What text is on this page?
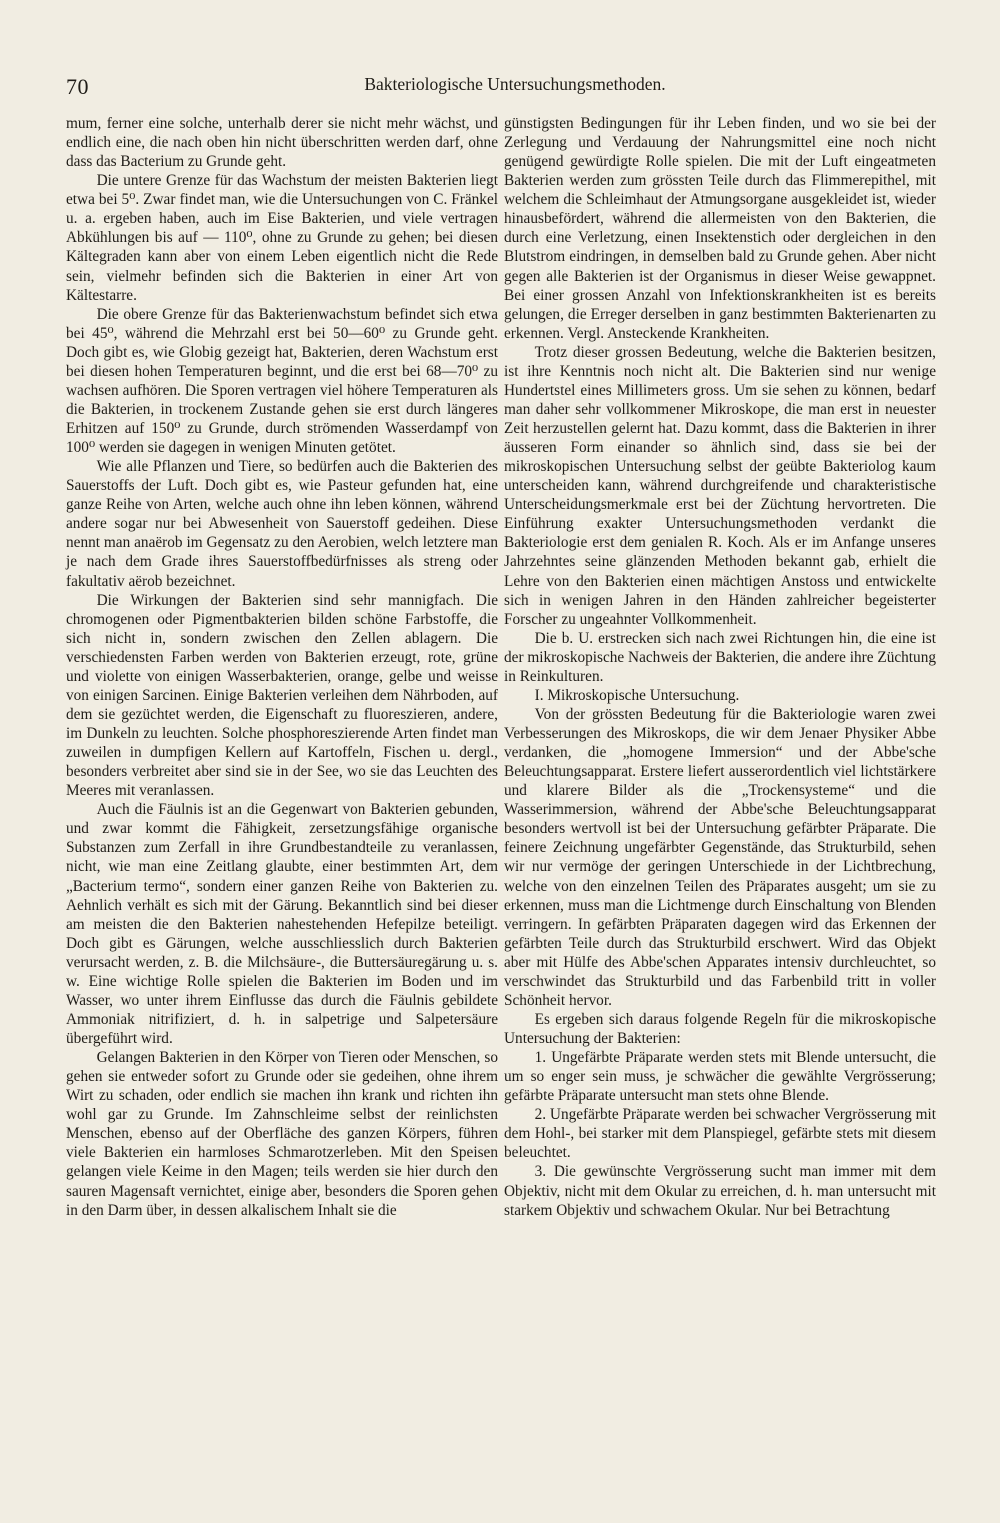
70	Bakteriologische Untersuchungsmethoden.

mum, ferner eine solche, unterhalb derer sie nicht mehr wächst, und endlich eine, die nach oben hin nicht überschritten werden darf, ohne dass das Bacterium zu Grunde geht.

Die untere Grenze für das Wachstum der meisten Bakterien liegt etwa bei 5⁰. Zwar findet man, wie die Untersuchungen von C. Fränkel u. a. ergeben haben, auch im Eise Bakterien, und viele vertragen Abkühlungen bis auf — 110⁰, ohne zu Grunde zu gehen; bei diesen Kältegraden kann aber von einem Leben eigentlich nicht die Rede sein, vielmehr befinden sich die Bakterien in einer Art von Kältestarre.

Die obere Grenze für das Bakterienwachstum befindet sich etwa bei 45⁰, während die Mehrzahl erst bei 50—60⁰ zu Grunde geht. Doch gibt es, wie Globig gezeigt hat, Bakterien, deren Wachstum erst bei diesen hohen Temperaturen beginnt, und die erst bei 68—70⁰ zu wachsen aufhören. Die Sporen vertragen viel höhere Temperaturen als die Bakterien, in trockenem Zustande gehen sie erst durch längeres Erhitzen auf 150⁰ zu Grunde, durch strömenden Wasserdampf von 100⁰ werden sie dagegen in wenigen Minuten getötet.

Wie alle Pflanzen und Tiere, so bedürfen auch die Bakterien des Sauerstoffs der Luft. Doch gibt es, wie Pasteur gefunden hat, eine ganze Reihe von Arten, welche auch ohne ihn leben können, während andere sogar nur bei Abwesenheit von Sauerstoff gedeihen. Diese nennt man anaërob im Gegensatz zu den Aerobien, welch letztere man je nach dem Grade ihres Sauerstoffbedürfnisses als streng oder fakultativ aërob bezeichnet.

Die Wirkungen der Bakterien sind sehr mannigfach. Die chromogenen oder Pigmentbakterien bilden schöne Farbstoffe, die sich nicht in, sondern zwischen den Zellen ablagern. Die verschiedensten Farben werden von Bakterien erzeugt, rote, grüne und violette von einigen Wasserbakterien, orange, gelbe und weisse von einigen Sarcinen. Einige Bakterien verleihen dem Nährboden, auf dem sie gezüchtet werden, die Eigenschaft zu fluoreszieren, andere, im Dunkeln zu leuchten. Solche phosphoreszierende Arten findet man zuweilen in dumpfigen Kellern auf Kartoffeln, Fischen u. dergl., besonders verbreitet aber sind sie in der See, wo sie das Leuchten des Meeres mit veranlassen.

Auch die Fäulnis ist an die Gegenwart von Bakterien gebunden, und zwar kommt die Fähigkeit, zersetzungsfähige organische Substanzen zum Zerfall in ihre Grundbestandteile zu veranlassen, nicht, wie man eine Zeitlang glaubte, einer bestimmten Art, dem „Bacterium termo“, sondern einer ganzen Reihe von Bakterien zu. Aehnlich verhält es sich mit der Gärung. Bekanntlich sind bei dieser am meisten die den Bakterien nahestehenden Hefepilze beteiligt. Doch gibt es Gärungen, welche ausschliesslich durch Bakterien verursacht werden, z. B. die Milchsäure-, die Buttersäuregärung u. s. w. Eine wichtige Rolle spielen die Bakterien im Boden und im Wasser, wo unter ihrem Einflusse das durch die Fäulnis gebildete Ammoniak nitrifiziert, d. h. in salpetrige und Salpetersäure übergeführt wird.

Gelangen Bakterien in den Körper von Tieren oder Menschen, so gehen sie entweder sofort zu Grunde oder sie gedeihen, ohne ihrem Wirt zu schaden, oder endlich sie machen ihn krank und richten ihn wohl gar zu Grunde. Im Zahnschleime selbst der reinlichsten Menschen, ebenso auf der Oberfläche des ganzen Körpers, führen viele Bakterien ein harmloses Schmarotzerleben. Mit den Speisen gelangen viele Keime in den Magen; teils werden sie hier durch den sauren Magensaft vernichtet, einige aber, besonders die Sporen gehen in den Darm über, in dessen alkalischem Inhalt sie die

günstigsten Bedingungen für ihr Leben finden, und wo sie bei der Zerlegung und Verdauung der Nahrungsmittel eine noch nicht genügend gewürdigte Rolle spielen. Die mit der Luft eingeatmeten Bakterien werden zum grössten Teile durch das Flimmerepithel, mit welchem die Schleimhaut der Atmungsorgane ausgekleidet ist, wieder hinausbefördert, während die allermeisten von den Bakterien, die durch eine Verletzung, einen Insektenstich oder dergleichen in den Blutstrom eindringen, in demselben bald zu Grunde gehen. Aber nicht gegen alle Bakterien ist der Organismus in dieser Weise gewappnet. Bei einer grossen Anzahl von Infektionskrankheiten ist es bereits gelungen, die Erreger derselben in ganz bestimmten Bakterienarten zu erkennen. Vergl. Ansteckende Krankheiten.

Trotz dieser grossen Bedeutung, welche die Bakterien besitzen, ist ihre Kenntnis noch nicht alt. Die Bakterien sind nur wenige Hundertstel eines Millimeters gross. Um sie sehen zu können, bedarf man daher sehr vollkommener Mikroskope, die man erst in neuester Zeit herzustellen gelernt hat. Dazu kommt, dass die Bakterien in ihrer äusseren Form einander so ähnlich sind, dass sie bei der mikroskopischen Untersuchung selbst der geübte Bakteriolog kaum unterscheiden kann, während durchgreifende und charakteristische Unterscheidungsmerkmale erst bei der Züchtung hervortreten. Die Einführung exakter Untersuchungsmethoden verdankt die Bakteriologie erst dem genialen R. Koch. Als er im Anfange unseres Jahrzehntes seine glänzenden Methoden bekannt gab, erhielt die Lehre von den Bakterien einen mächtigen Anstoss und entwickelte sich in wenigen Jahren in den Händen zahlreicher begeisterter Forscher zu ungeahnter Vollkommenheit.

Die b. U. erstrecken sich nach zwei Richtungen hin, die eine ist der mikroskopische Nachweis der Bakterien, die andere ihre Züchtung in Reinkulturen.

I. Mikroskopische Untersuchung.

Von der grössten Bedeutung für die Bakteriologie waren zwei Verbesserungen des Mikroskops, die wir dem Jenaer Physiker Abbe verdanken, die „homogene Immersion“ und der Abbe'sche Beleuchtungsapparat. Erstere liefert ausserordentlich viel lichtstärkere und klarere Bilder als die „Trockensysteme“ und die Wasserimmersion, während der Abbe'sche Beleuchtungsapparat besonders wertvoll ist bei der Untersuchung gefärbter Präparate. Die feinere Zeichnung ungefärbter Gegenstände, das Strukturbild, sehen wir nur vermöge der geringen Unterschiede in der Lichtbrechung, welche von den einzelnen Teilen des Präparates ausgeht; um sie zu erkennen, muss man die Lichtmenge durch Einschaltung von Blenden verringern. In gefärbten Präparaten dagegen wird das Erkennen der gefärbten Teile durch das Strukturbild erschwert. Wird das Objekt aber mit Hülfe des Abbe'schen Apparates intensiv durchleuchtet, so verschwindet das Strukturbild und das Farbenbild tritt in voller Schönheit hervor.

Es ergeben sich daraus folgende Regeln für die mikroskopische Untersuchung der Bakterien:

1. Ungefärbte Präparate werden stets mit Blende untersucht, die um so enger sein muss, je schwächer die gewählte Vergrösserung; gefärbte Präparate untersucht man stets ohne Blende.

2. Ungefärbte Präparate werden bei schwacher Vergrösserung mit dem Hohl-, bei starker mit dem Planspiegel, gefärbte stets mit diesem beleuchtet.

3. Die gewünschte Vergrösserung sucht man immer mit dem Objektiv, nicht mit dem Okular zu erreichen, d. h. man untersucht mit starkem Objektiv und schwachem Okular. Nur bei Betrachtung
